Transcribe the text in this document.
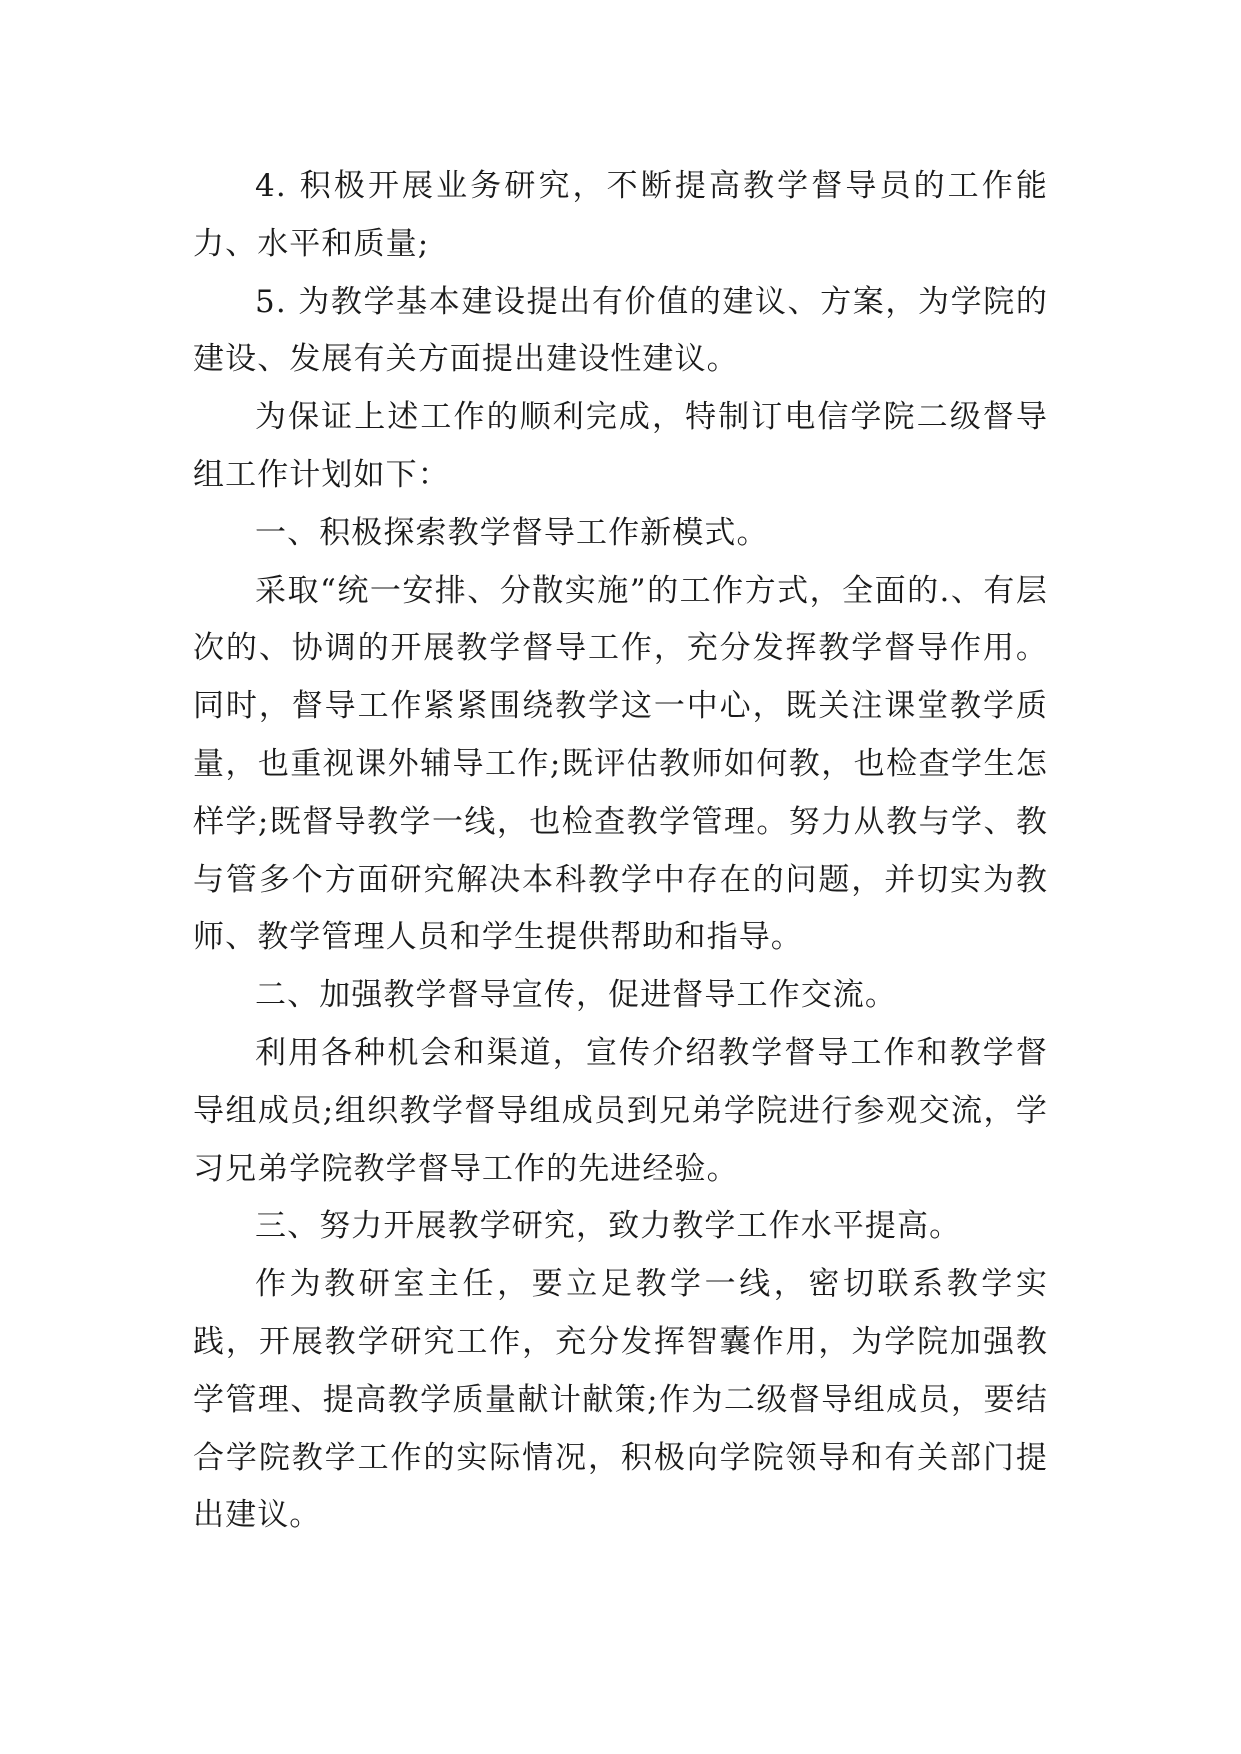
4. 积极开展业务研究，不断提高教学督导员的工作能力、水平和质量;

5. 为教学基本建设提出有价值的建议、方案，为学院的建设、发展有关方面提出建设性建议。

为保证上述工作的顺利完成，特制订电信学院二级督导组工作计划如下：

一、积极探索教学督导工作新模式。

采取“统一安排、分散实施”的工作方式，全面的.、有层次的、协调的开展教学督导工作，充分发挥教学督导作用。同时，督导工作紧紧围绕教学这一中心，既关注课堂教学质量，也重视课外辅导工作;既评估教师如何教，也检查学生怎样学;既督导教学一线，也检查教学管理。努力从教与学、教与管多个方面研究解决本科教学中存在的问题，并切实为教师、教学管理人员和学生提供帮助和指导。

二、加强教学督导宣传，促进督导工作交流。

利用各种机会和渠道，宣传介绍教学督导工作和教学督导组成员;组织教学督导组成员到兄弟学院进行参观交流，学习兄弟学院教学督导工作的先进经验。

三、努力开展教学研究，致力教学工作水平提高。

作为教研室主任，要立足教学一线，密切联系教学实践，开展教学研究工作，充分发挥智囊作用，为学院加强教学管理、提高教学质量献计献策;作为二级督导组成员，要结合学院教学工作的实际情况，积极向学院领导和有关部门提出建议。
